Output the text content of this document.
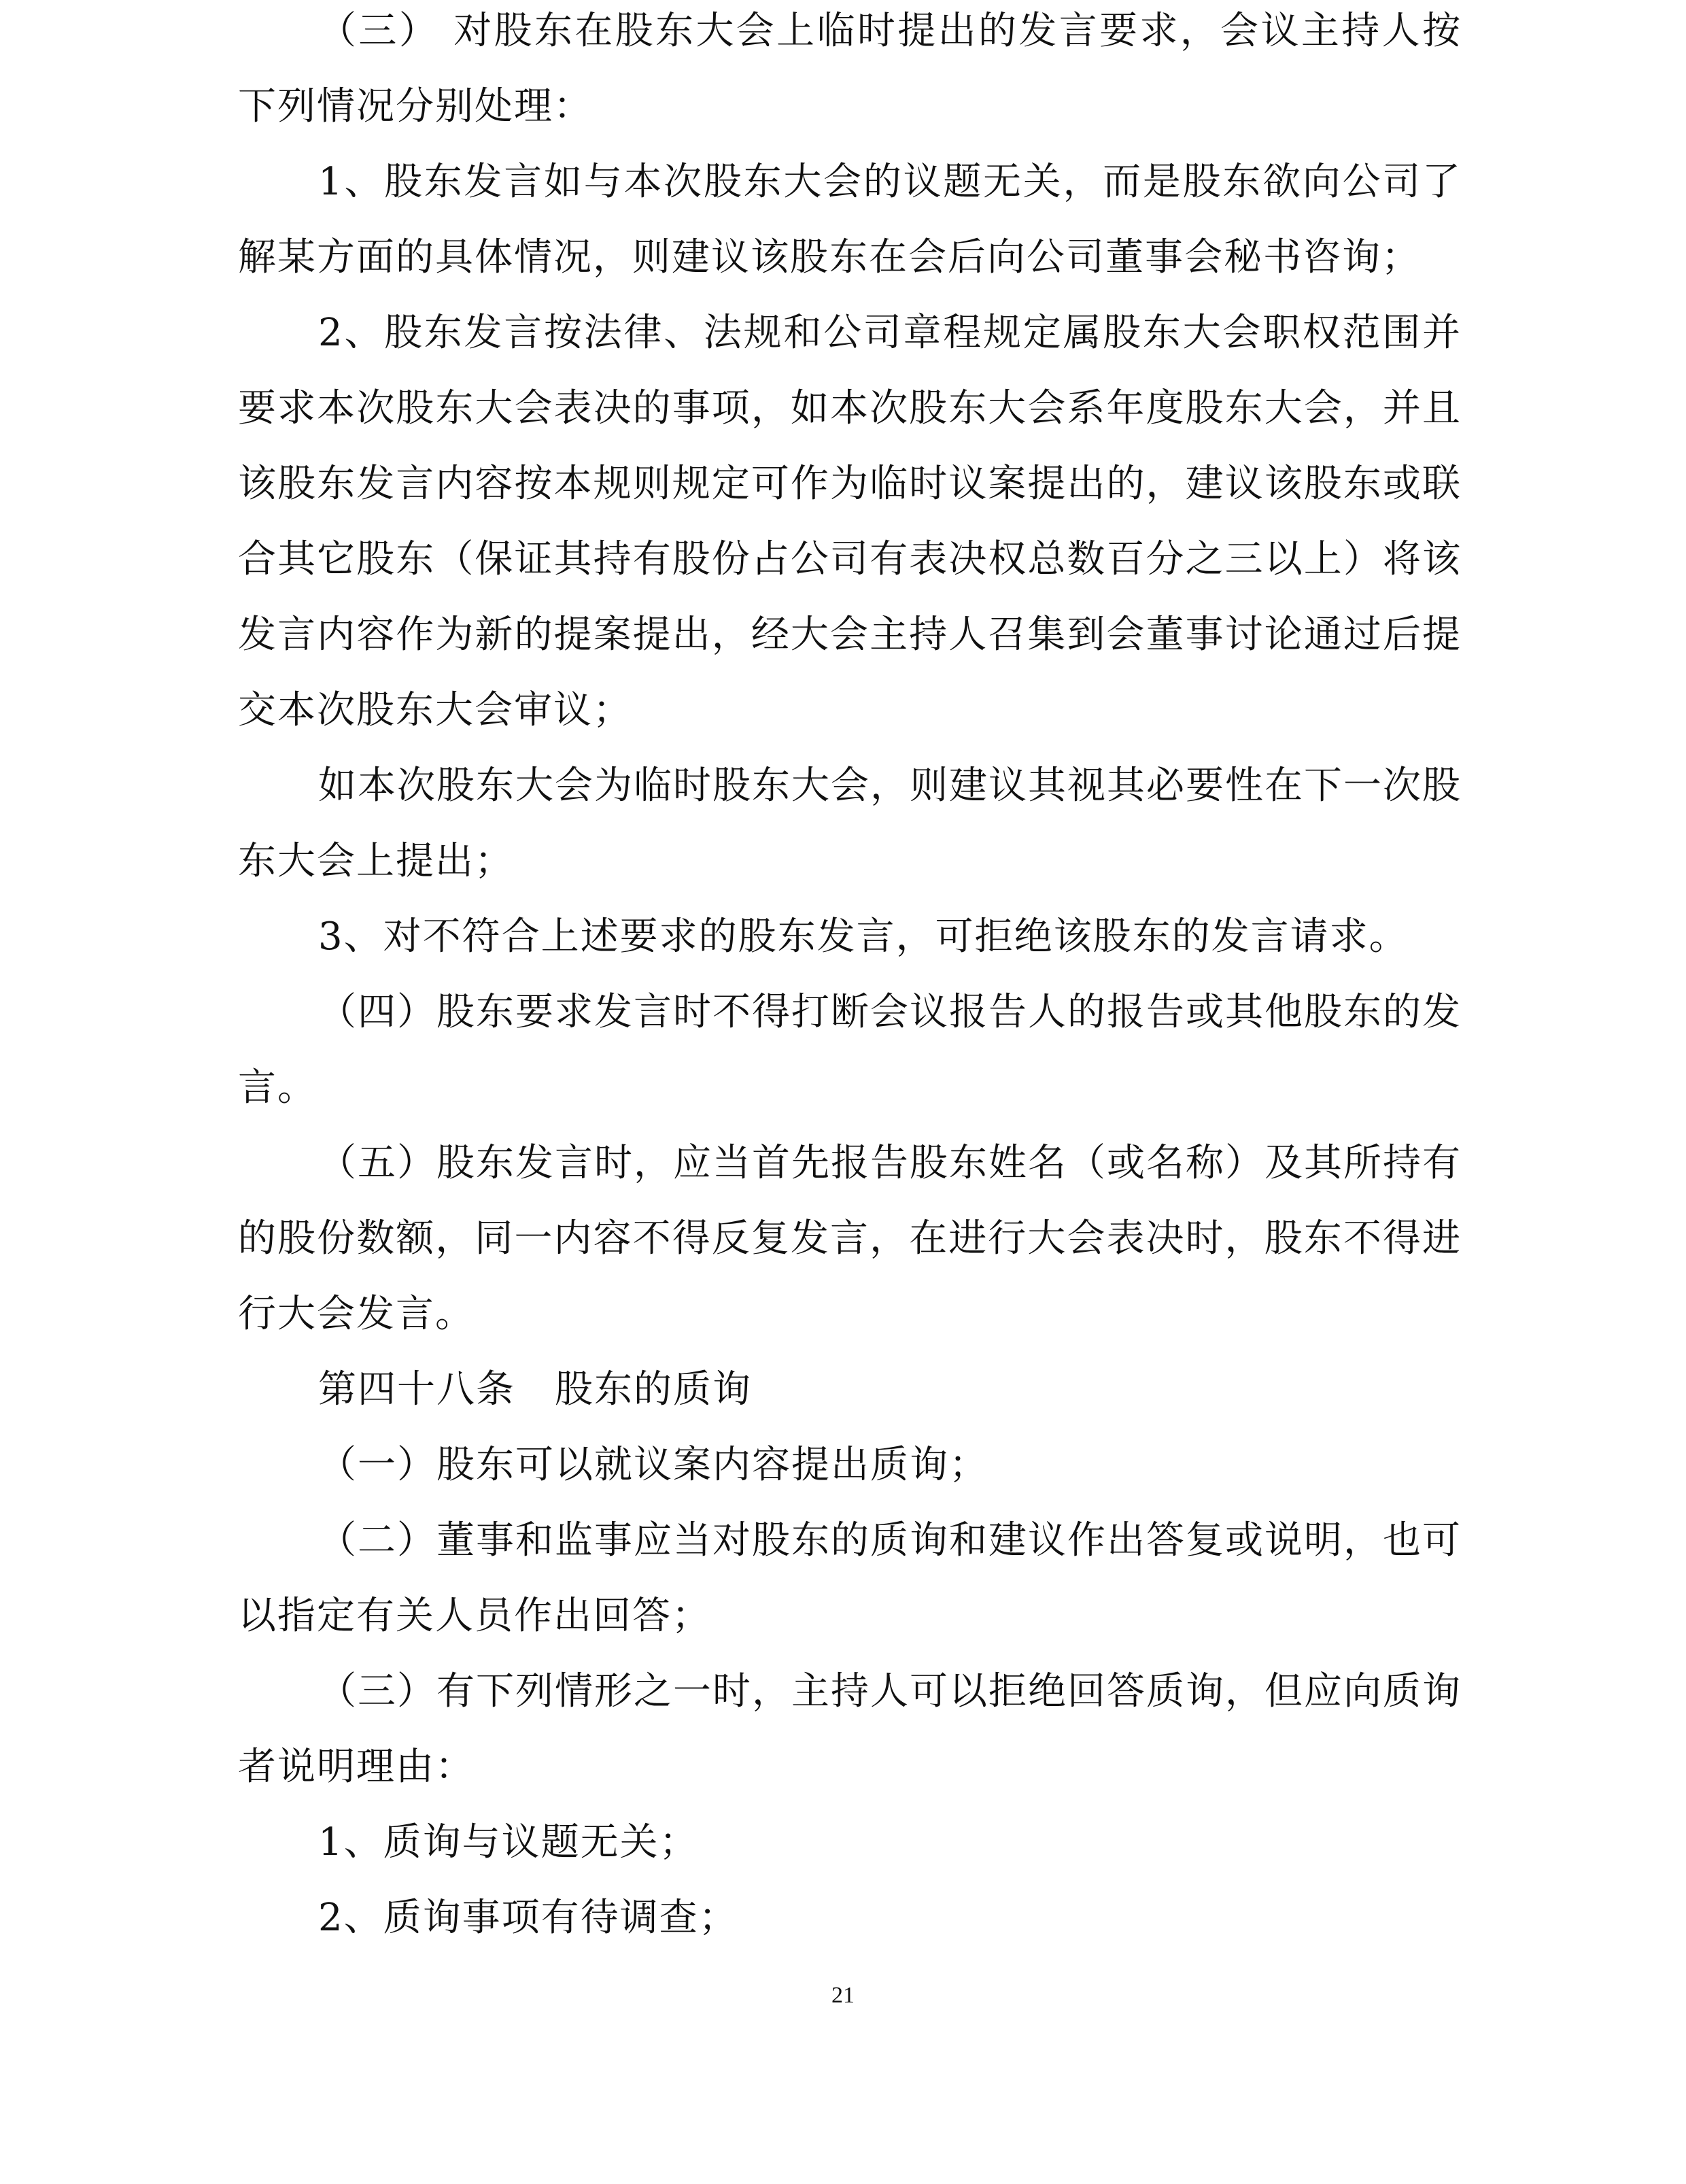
（三） 对股东在股东大会上临时提出的发言要求，会议主持人按下列情况分别处理：

1、股东发言如与本次股东大会的议题无关，而是股东欲向公司了解某方面的具体情况，则建议该股东在会后向公司董事会秘书咨询；

2、股东发言按法律、法规和公司章程规定属股东大会职权范围并要求本次股东大会表决的事项，如本次股东大会系年度股东大会，并且该股东发言内容按本规则规定可作为临时议案提出的，建议该股东或联合其它股东（保证其持有股份占公司有表决权总数百分之三以上）将该发言内容作为新的提案提出，经大会主持人召集到会董事讨论通过后提交本次股东大会审议；

如本次股东大会为临时股东大会，则建议其视其必要性在下一次股东大会上提出；

3、对不符合上述要求的股东发言，可拒绝该股东的发言请求。

（四）股东要求发言时不得打断会议报告人的报告或其他股东的发言。

（五）股东发言时，应当首先报告股东姓名（或名称）及其所持有的股份数额，同一内容不得反复发言，在进行大会表决时，股东不得进行大会发言。

第四十八条　股东的质询

（一）股东可以就议案内容提出质询；

（二）董事和监事应当对股东的质询和建议作出答复或说明，也可以指定有关人员作出回答；

（三）有下列情形之一时，主持人可以拒绝回答质询，但应向质询者说明理由：

1、质询与议题无关；

2、质询事项有待调查；

21
